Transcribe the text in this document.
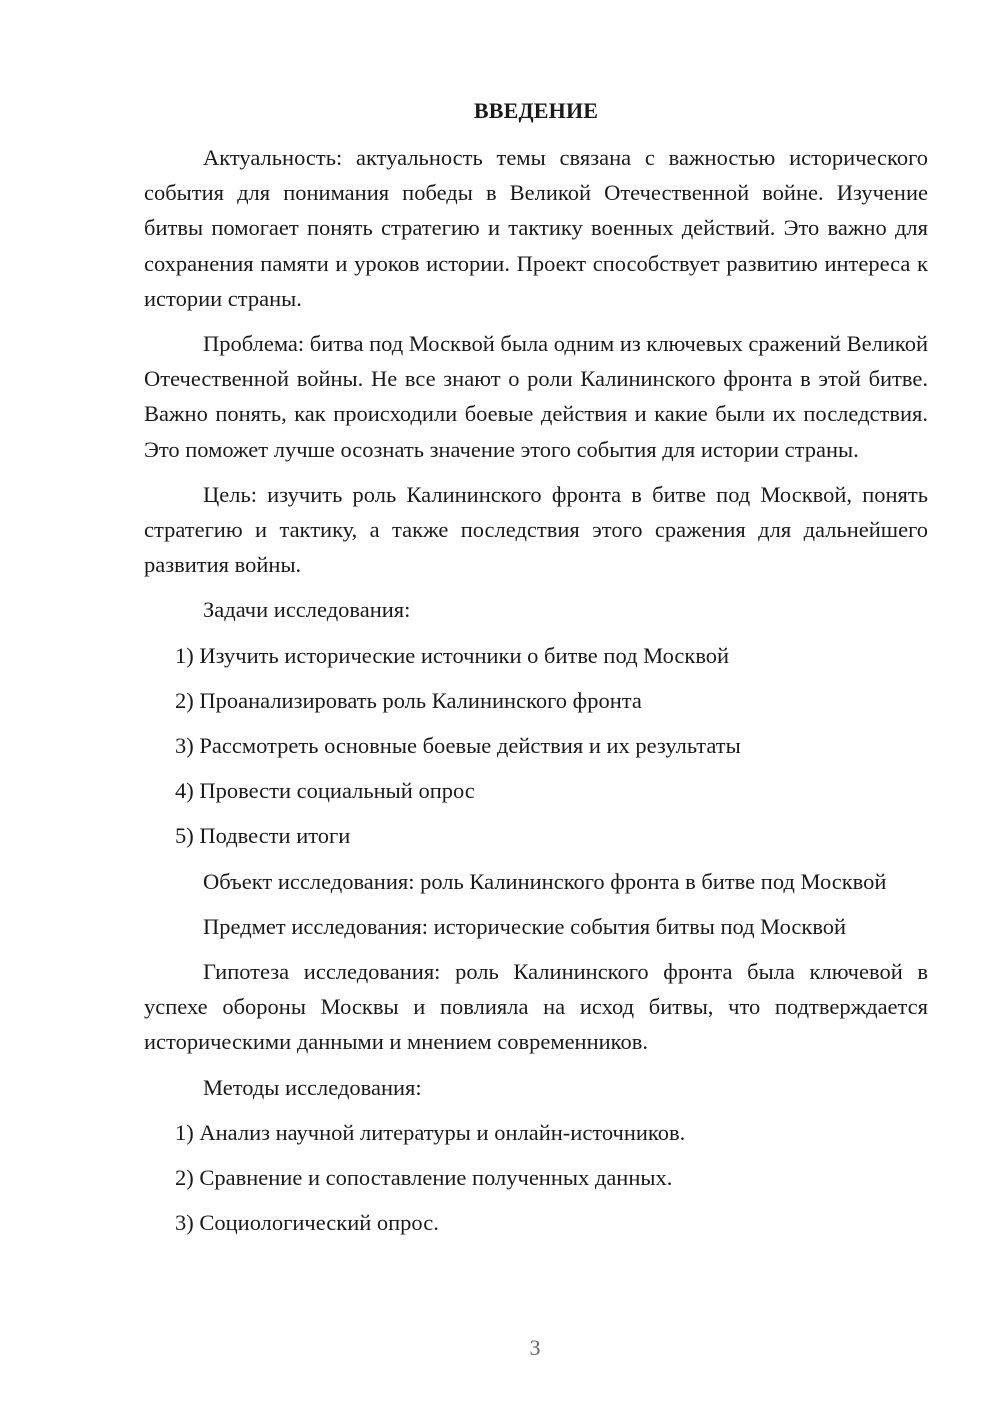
ВВЕДЕНИЕ

Актуальность: актуальность темы связана с важностью исторического события для понимания победы в Великой Отечественной войне. Изучение битвы помогает понять стратегию и тактику военных действий. Это важно для сохранения памяти и уроков истории. Проект способствует развитию интереса к истории страны.

Проблема: битва под Москвой была одним из ключевых сражений Великой Отечественной войны. Не все знают о роли Калининского фронта в этой битве. Важно понять, как происходили боевые действия и какие были их последствия. Это поможет лучше осознать значение этого события для истории страны.

Цель: изучить роль Калининского фронта в битве под Москвой, понять стратегию и тактику, а также последствия этого сражения для дальнейшего развития войны.

Задачи исследования:

1) Изучить исторические источники о битве под Москвой
2) Проанализировать роль Калининского фронта
3) Рассмотреть основные боевые действия и их результаты
4) Провести социальный опрос
5) Подвести итоги

Объект исследования: роль Калининского фронта в битве под Москвой

Предмет исследования: исторические события битвы под Москвой

Гипотеза исследования: роль Калининского фронта была ключевой в успехе обороны Москвы и повлияла на исход битвы, что подтверждается историческими данными и мнением современников.

Методы исследования:

1) Анализ научной литературы и онлайн-источников.
2) Сравнение и сопоставление полученных данных.
3) Социологический опрос.
3
